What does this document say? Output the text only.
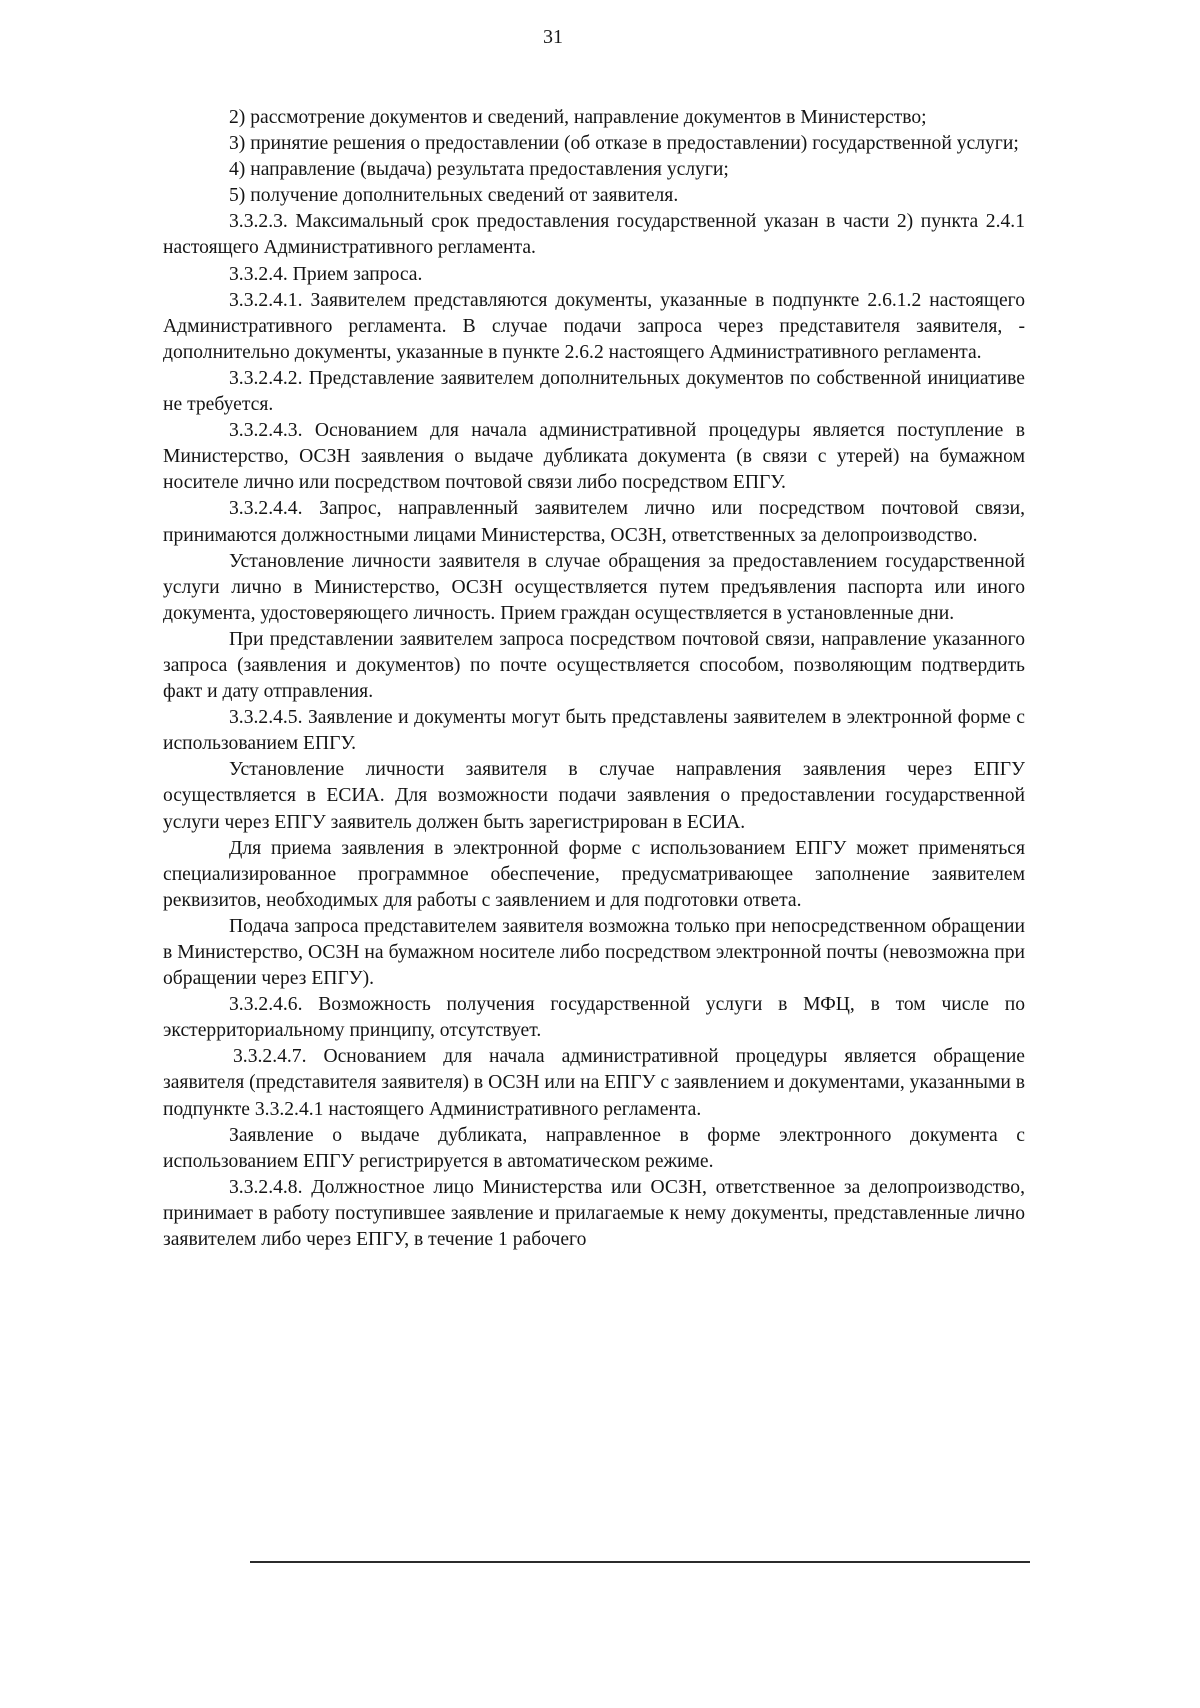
31

2) рассмотрение документов и сведений, направление документов в Министерство;

3) принятие решения о предоставлении (об отказе в предоставлении) государственной услуги;

4) направление (выдача) результата предоставления услуги;

5) получение дополнительных сведений от заявителя.

3.3.2.3. Максимальный срок предоставления государственной указан в части 2) пункта 2.4.1 настоящего Административного регламента.

3.3.2.4. Прием запроса.

3.3.2.4.1. Заявителем представляются документы, указанные в подпункте 2.6.1.2 настоящего Административного регламента. В случае подачи запроса через представителя заявителя, - дополнительно документы, указанные в пункте 2.6.2 настоящего Административного регламента.

3.3.2.4.2. Представление заявителем дополнительных документов по собственной инициативе не требуется.

3.3.2.4.3. Основанием для начала административной процедуры является поступление в Министерство, ОСЗН заявления о выдаче дубликата документа (в связи с утерей) на бумажном носителе лично или посредством почтовой связи либо посредством ЕПГУ.

3.3.2.4.4. Запрос, направленный заявителем лично или посредством почтовой связи, принимаются должностными лицами Министерства, ОСЗН, ответственных за делопроизводство.

Установление личности заявителя в случае обращения за предоставлением государственной услуги лично в Министерство, ОСЗН осуществляется путем предъявления паспорта или иного документа, удостоверяющего личность. Прием граждан осуществляется в установленные дни.

При представлении заявителем запроса посредством почтовой связи, направление указанного запроса (заявления и документов) по почте осуществляется способом, позволяющим подтвердить факт и дату отправления.

3.3.2.4.5. Заявление и документы могут быть представлены заявителем в электронной форме с использованием ЕПГУ.

Установление личности заявителя в случае направления заявления через ЕПГУ осуществляется в ЕСИА. Для возможности подачи заявления о предоставлении государственной услуги через ЕПГУ заявитель должен быть зарегистрирован в ЕСИА.

Для приема заявления в электронной форме с использованием ЕПГУ может применяться специализированное программное обеспечение, предусматривающее заполнение заявителем реквизитов, необходимых для работы с заявлением и для подготовки ответа.

Подача запроса представителем заявителя возможна только при непосредственном обращении в Министерство, ОСЗН на бумажном носителе либо посредством электронной почты (невозможна при обращении через ЕПГУ).

3.3.2.4.6. Возможность получения государственной услуги в МФЦ, в том числе по экстерриториальному принципу, отсутствует.

3.3.2.4.7. Основанием для начала административной процедуры является обращение заявителя (представителя заявителя) в ОСЗН или на ЕПГУ с заявлением и документами, указанными в подпункте 3.3.2.4.1 настоящего Административного регламента.

Заявление о выдаче дубликата, направленное в форме электронного документа с использованием ЕПГУ регистрируется в автоматическом режиме.

3.3.2.4.8. Должностное лицо Министерства или ОСЗН, ответственное за делопроизводство, принимает в работу поступившее заявление и прилагаемые к нему документы, представленные лично заявителем либо через ЕПГУ, в течение 1 рабочего
